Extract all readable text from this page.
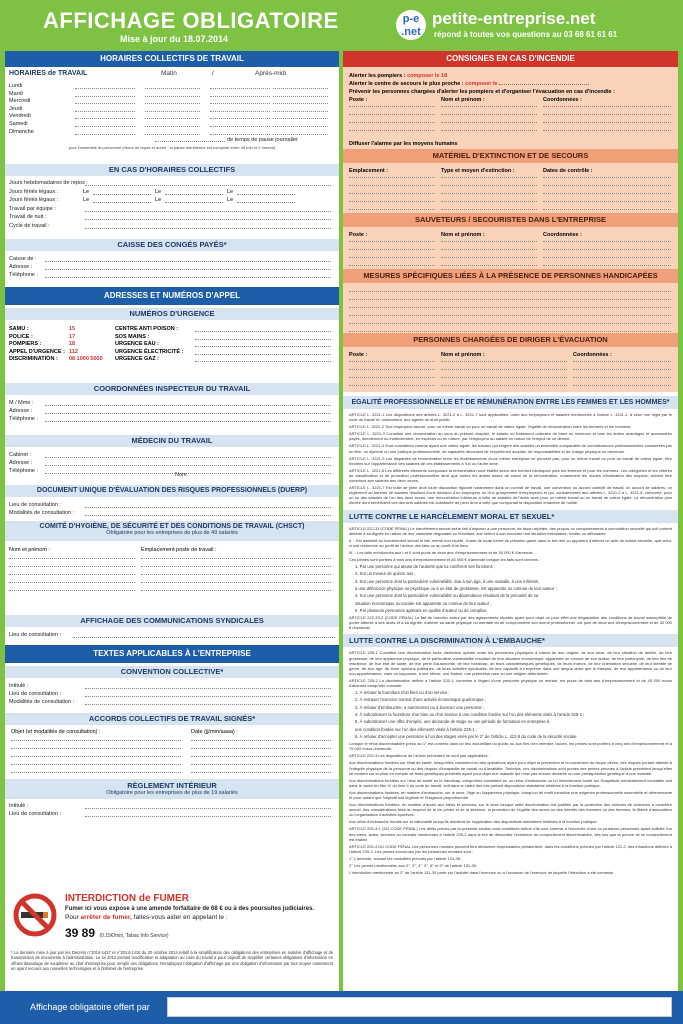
AFFICHAGE OBLIGATOIRE
Mise à jour du 18.07.2014
p-e .net
petite-entreprise.net
répond à toutes vos questions au 03 68 61 61 61
HORAIRES COLLECTIFS DE TRAVAIL
HORAIRES de TRAVAIL	Matin	/	Après-midi
Lundi
Mardi
Mercredi
Jeudi
Vendredi
Samedi
Dimanche
de temps de pause journalier
pour l'ensemble du personnel (heure de repas et durée : la pause méridienne est comprise entre 45 min et 2 heures)
EN CAS D'HORAIRES COLLECTIFS
Jours hebdomadaires de repos :
Jours fériés légaux :	Le	Le	Le
Jours fériés légaux :	Le	Le	Le
Travail par équipe :
Travail de nuit :
Cycle de travail :
CAISSE DES CONGÉS PAYÉS*
Caisse de :
Adresse :
Téléphone :
ADRESSES ET NUMÉROS D'APPEL
NUMÉROS D'URGENCE
SAMU :	15
POLICE :	17
POMPIERS :	18
APPEL D'URGENCE : 112
DISCRIMINATION : 08 1000 5000
CENTRE ANTI POISON :
SOS MAINS :
URGENCE EAU :
URGENCE ÉLECTRICITÉ :
URGENCE GAZ :
COORDONNÉES INSPECTEUR DU TRAVAIL
M / Mme :
Adresse :
Téléphone :
MÉDECIN DU TRAVAIL
Cabinet :
Adresse :
Téléphone :
Nom :
DOCUMENT UNIQUE D'ÉVALUATION DES RISQUES PROFESSIONNELS (DUERP)
Lieu de consultation :
Modalités de consultation :
COMITÉ D'HYGIÈNE, DE SÉCURITÉ ET DES CONDITIONS DE TRAVAIL (CHSCT)
Obligatoire pour les entreprises de plus de 49 salariés
Nom et prénom :	Emplacement poste de travail :
AFFICHAGE DES COMMUNICATIONS SYNDICALES
Lieu de consultation :
TEXTES APPLICABLES À L'ENTREPRISE
CONVENTION COLLECTIVE*
Intitulé :
Lieu de consultation :
Modalités de consultation :
ACCORDS COLLECTIFS DE TRAVAIL SIGNÉS*
Objet (et modalités de consultation) :	Date (jj/mm/aaaa) :
RÈGLEMENT INTÉRIEUR
Obligatoire pour les entreprises de plus de 19 salariés
Intitulé :
Lieu de consultation :
INTERDICTION de FUMER
Fumer ici vous expose à une amende forfaitaire de 68 € ou à des poursuites judiciaires.
Pour arrêter de fumer, faites-vous aider en appelant le :
39 89 (0,15€/min, Tabac Info Service)
* La dernière mise à jour par les Décrets n°2014-1417 et n°2014-1418 du 20 octobre 2014 relatif à la simplification des obligations des entreprises en matière d'affichage et de transmission de documents à l'administration. La loi 2012 portant modification et adaptation au code du travail a pour objectif de simplifier certaines obligations d'information en offrant davantage de souplesse au chef d'entreprise pour remplir ses obligations. Remplaçant l'obligation d'affichage par une obligation d'information par tout moyen notamment en ayant recours aux nouvelles technologies et à l'intranet de l'entreprise.
CONSIGNES EN CAS D'INCENDIE
Alerter les pompiers : composer le 18
Alerter le centre de secours le plus proche : composer le
Prévenir les personnes chargées d'alerter les pompiers et d'organiser l'évacuation en cas d'incendie :
Poste :	Nom et prénom :	Coordonnées :
Diffuser l'alarme par les moyens humains
MATÉRIEL D'EXTINCTION ET DE SECOURS
Emplacement :	Type et moyen d'extinction :	Dates de contrôle :
SAUVETEURS / SECOURISTES DANS L'ENTREPRISE
Poste :	Nom et prénom :	Coordonnées :
MESURES SPÉCIFIQUES LIÉES À LA PRÉSENCE DE PERSONNES HANDICAPÉES
PERSONNES CHARGÉES DE DIRIGER L'ÉVACUATION
Poste :	Nom et prénom :	Coordonnées :
EGALITÉ PROFESSIONNELLE ET DE RÉMUNÉRATION ENTRE LES FEMMES ET LES HOMMES*
ARTICLE L. 3221-1 Les dispositions des articles L. 3221-2 à L. 3221-7 sont applicables, outre aux employeurs et salariés mentionnés à l'article L. 3211-1, à ceux non régis par le code du travail et, notamment, aux agents de droit public.
ARTICLE L. 3221-2 Tout employeur assure, pour un même travail ou pour un travail de valeur égale, l'égalité de rémunération entre les femmes et les hommes.
ARTICLE L. 3221-3 Constitue une rémunération au sens du présent chapitre, le salaire ou traitement ordinaire de base ou minimum et tous les autres avantages et accessoires payés, directement ou indirectement, en espèces ou en nature, par l'employeur au salarié en raison de l'emploi de ce dernier.
ARTICLE L. 3221-4 Sont considérés comme ayant une valeur égale, les travaux qui exigent des salariés un ensemble comparable de connaissances professionnelles consacrées par un titre, un diplôme ou une pratique professionnelle, de capacités découlant de l'expérience acquise, de responsabilités et de charge physique ou nerveuse.
ARTICLE L. 3221-5 Les disparités de rémunération entre les établissements d'une même entreprise ne peuvent pas, pour un même travail ou pour un travail de valeur égale, être fondées sur l'appartenance des salariés de ces établissements à l'un ou l'autre sexe.
ARTICLE L. 3221-6 Les différents éléments composant la rémunération sont établis selon des normes identiques pour les femmes et pour les hommes. Les catégories et les critères de classification et de promotion professionnelles ainsi que toutes les autres bases de calcul de la rémunération, notamment les modes d'évaluation des emplois, doivent être communs aux salariés des deux sexes.
ARTICLE L. 3221-7 Est nulle de plein droit toute disposition figurant notamment dans un contrat de travail, une convention ou accord collectif de travail, un accord de salaires, un règlement ou barème de salaires résultant d'une décision d'un employeur ou d'un groupement d'employeurs et qui, contrairement aux articles L. 3221-2 à L. 3221-6, comporte, pour un ou des salariés de l'un des deux sexes, une rémunération inférieure à celle de salariés de l'autre sexe pour un même travail ou un travail de valeur égale. La rémunération plus élevée dont bénéficient ces derniers salariés est substituée de plein droit à celle que comportait la disposition entachée de nullité.
LUTTE CONTRE LE HARCÈLEMENT MORAL ET SEXUEL*
ARTICLE 222-33 (CODE PÉNAL) Le harcèlement sexuel est le fait d'imposer à une personne, de façon répétée, des propos ou comportements à connotation sexuelle qui soit portent atteinte à sa dignité en raison de leur caractère dégradant ou humiliant, soit créent à son encontre une situation intimidante, hostile ou offensante.
II. - Est assimilé au harcèlement sexuel le fait, même non répété, d'user de toute forme de pression grave dans le but réel ou apparent d'obtenir un acte de nature sexuelle, que celui-ci soit recherché au profit de l'auteur des faits ou au profit d'un tiers.
III. - Les faits mentionnés aux I et II sont punis de deux ans d'emprisonnement et de 30 000 € d'amende.
Ces peines sont portées à trois ans d'emprisonnement et 45 000 € d'amende lorsque les faits sont commis :
1. Par une personne qui abuse de l'autorité que lui confèrent ses fonctions ;
2. Sur un mineur de quinze ans ;
3. Sur une personne dont la particulière vulnérabilité, due à son âge, à une maladie, à une infirmité,
à une déficience physique ou psychique ou à un état de grossesse, est apparente ou connue de leur auteur ;
4. Sur une personne dont la particulière vulnérabilité ou dépendance résultant de la précarité de sa
situation économique ou sociale est apparente ou connue de leur auteur ;
5. Par plusieurs personnes agissant en qualité d'auteur ou de complice.
ARTICLE 222-33-2 (CODE PÉNAL) Le fait de harceler autrui par des agissements répétés ayant pour objet ou pour effet une dégradation des conditions de travail susceptible de porter atteinte à ses droits et à sa dignité, d'altérer sa santé physique ou mentale ou de compromettre son avenir professionnel, est puni de deux ans d'emprisonnement et de 30 000 € d'amende.
LUTTE CONTRE LA DISCRIMINATION À L'EMBAUCHE*
ARTICLE 225-1 Constitue une discrimination toute distinction opérée entre les personnes physiques à raison de leur origine, de leur sexe, de leur situation de famille, de leur grossesse, de leur apparence physique, de la particulière vulnérabilité résultant de leur situation économique, apparente ou connue de son auteur, de leur patronyme, de leur lieu de résidence, de leur état de santé, de leur perte d'autonomie, de leur handicap, de leurs caractéristiques génétiques, de leurs mœurs, de leur orientation sexuelle, de leur identité de genre, de leur âge, de leurs opinions politiques, de leurs activités syndicales, de leur capacité à s'exprimer dans une langue autre que le français, de leur appartenance ou de leur non-appartenance, vraie ou supposée, à une ethnie, une Nation, une prétendue race ou une religion déterminée.
ARTICLE 225-2 La discrimination définie à l'article 225-1, commise à l'égard d'une personne physique ou morale, est punie de trois ans d'emprisonnement et de 45 000 euros d'amende lorsqu'elle consiste :
1. À refuser la fourniture d'un bien ou d'un service ;
2. À entraver l'exercice normal d'une activité économique quelconque ;
3. À refuser d'embaucher, à sanctionner ou à licencier une personne ;
4. À subordonner la fourniture d'un bien ou d'un service à une condition fondée sur l'un des éléments visés à l'article 225-1 ;
5. À subordonner une offre d'emploi, une demande de stage ou une période de formation en entreprise à
une condition fondée sur l'un des éléments visés à l'article 225-1 ;
6. À refuser d'accepter une personne à l'un des stages visés par le 2° de l'article L. 412-8 du code de la sécurité sociale.
Lorsque le refus discriminatoire prévu au 1° est commis dans un lieu accueillant du public ou aux fins d'en interdire l'accès, les peines sont portées à cinq ans d'emprisonnement et à 75 000 euros d'amende.
ARTICLE 225-3 Les dispositions de l'article précédent ne sont pas applicables :
Aux discriminations fondées sur l'état de santé, lorsqu'elles consistent en des opérations ayant pour objet la prévention et la couverture du risque décès, des risques portant atteinte à l'intégrité physique de la personne ou des risques d'incapacité de travail ou d'invalidité. Toutefois, ces discriminations sont punies des peines prévues à l'article précédent lorsqu'elles se fondent sur la prise en compte de tests génétiques prédictifs ayant pour objet une maladie qui n'est pas encore déclarée ou une prédisposition génétique à une maladie.
Aux discriminations fondées sur l'état de santé ou le handicap, lorsqu'elles consistent en un refus d'embauche ou un licenciement fondé sur l'inaptitude médicalement constatée soit dans le cadre du titre IV du livre II du code du travail, soit dans le cadre des lois portant dispositions statutaires relatives à la fonction publique.
Aux discriminations fondées, en matière d'embauche, sur le sexe, l'âge ou l'apparence physique, lorsqu'un tel motif constitue une exigence professionnelle essentielle et déterminante et pour autant que l'objectif soit légitime et l'exigence proportionnée.
Aux discriminations fondées, en matière d'accès aux biens et services, sur le sexe lorsque cette discrimination est justifiée par la protection des victimes de violences à caractère sexuel, des considérations liées au respect de la vie privée et de la décence, la promotion de l'égalité des sexes ou des intérêts des hommes ou des femmes, la liberté d'association ou l'organisation d'activités sportives.
Aux refus d'embauche fondés sur la nationalité lorsqu'ils résultent de l'application des dispositions statutaires relatives à la fonction publique.
ARTICLE 225-3-1 (DU CODE PÉNAL) Les délits prévus par la présente section sont constitués même s'ils sont commis à l'encontre d'une ou plusieurs personnes ayant sollicité l'un des biens, actes, services ou contrats mentionnés à l'article 225-2 dans le but de démontrer l'existence du comportement discriminatoire, dès lors que la preuve de ce comportement est établie.
ARTICLE 225-4 DU CODE PÉNAL Les personnes morales peuvent être déclarées responsables pénalement, dans les conditions prévues par l'article 121-2, des infractions définies à l'article 225-2. Les peines encourues par les personnes morales sont :
1° L'amende, suivant les modalités prévues par l'article 131-38 ;
2° Les peines mentionnées aux 2°, 3°, 4°, 5°, 8° et 9° de l'article 131-39.
L'interdiction mentionnée au 2° de l'article 131-39 porte sur l'activité dans l'exercice ou à l'occasion de l'exercice de laquelle l'infraction a été commise.
Affichage obligatoire offert par
